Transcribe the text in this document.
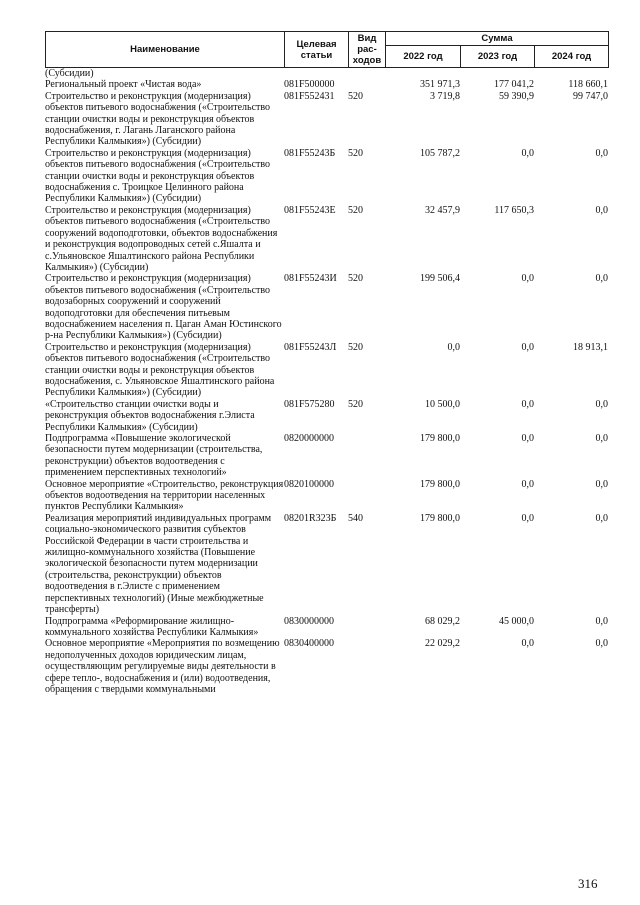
Наименование	Целевая статьи	Вид рас-ходов	Сумма		
			2022 год	2023 год	2024 год
(Субсидии)					
Региональный проект «Чистая вода»	081F500000		351 971,3	177 041,2	118 660,1
Строительство и реконструкция (модернизация) объектов питьевого водоснабжения («Строительство станции очистки воды и реконструкция объектов водоснабжения, г. Лагань Лаганского района Республики Калмыкия») (Субсидии)	081F552431	520	3 719,8	59 390,9	99 747,0
Строительство и реконструкция (модернизация) объектов питьевого водоснабжения («Строительство станции очистки воды и реконструкция объектов водоснабжения с. Троицкое Целинного района Республики Калмыкия») (Субсидии)	081F55243Б	520	105 787,2	0,0	0,0
Строительство и реконструкция (модернизация) объектов питьевого водоснабжения («Строительство сооружений водоподготовки, объектов водоснабжения и реконструкция водопроводных сетей с.Яшалта и с.Ульяновское Яшалтинского района Республики Калмыкия») (Субсидии)	081F55243Е	520	32 457,9	117 650,3	0,0
Строительство и реконструкция (модернизация) объектов питьевого водоснабжения («Строительство водозаборных сооружений и сооружений водоподготовки для обеспечения питьевым водоснабжением населения п. Цаган Аман Юстинского р-на Республики Калмыкия») (Субсидии)	081F55243И	520	199 506,4	0,0	0,0
Строительство и реконструкция (модернизация) объектов питьевого водоснабжения («Строительство станции очистки воды и реконструкция объектов водоснабжения, с. Ульяновское Яшалтинского района Республики Калмыкия») (Субсидии)	081F55243Л	520	0,0	0,0	18 913,1
«Строительство станции очистки воды и реконструкция объектов водоснабжения г.Элиста Республики Калмыкия» (Субсидии)	081F575280	520	10 500,0	0,0	0,0
Подпрограмма «Повышение экологической безопасности путем модернизации (строительства, реконструкции) объектов водоотведения с применением перспективных технологий»	0820000000		179 800,0	0,0	0,0
Основное мероприятие «Строительство, реконструкция объектов водоотведения на территории населенных пунктов Республики Калмыкия»	0820100000		179 800,0	0,0	0,0
Реализация мероприятий индивидуальных программ социально-экономического развития субъектов Российской Федерации в части строительства и жилищно-коммунального хозяйства (Повышение экологической безопасности путем модернизации (строительства, реконструкции) объектов водоотведения в г.Элисте с применением перспективных технологий) (Иные межбюджетные трансферты)	08201R323Б	540	179 800,0	0,0	0,0
Подпрограмма «Реформирование жилищно-коммунального хозяйства Республики Калмыкия»	0830000000		68 029,2	45 000,0	0,0
Основное мероприятие «Мероприятия по возмещению недополученных доходов юридическим лицам, осуществляющим регулируемые виды деятельности в сфере тепло-, водоснабжения и (или) водоотведения, обращения с твердыми коммунальными	0830400000		22 029,2	0,0	0,0
316
